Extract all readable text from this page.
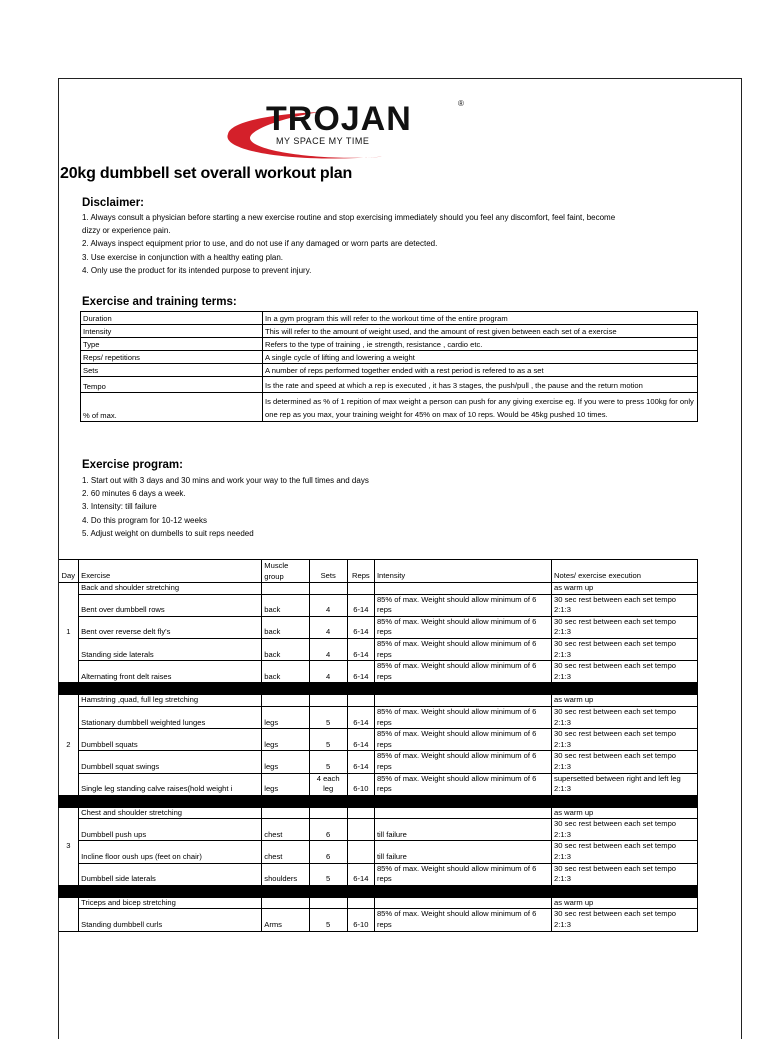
TROJAN	®
MY SPACE MY TIME
20kg dumbbell set overall workout plan
Disclaimer:
1. Always consult a physician before starting a new exercise routine and stop exercising immediately should you feel any discomfort, feel faint, become
dizzy or experience pain.
2. Always inspect equipment prior to use, and do not use if any damaged or worn parts are detected.
3. Use exercise in conjunction with a healthy eating plan.
4. Only use the product for its intended purpose to prevent injury.
Exercise and training terms:
Duration	In a gym program this will refer to the workout time of the entire program
Intensity	This will refer to the amount of weight used, and the amount of rest given between each set of a exercise
Type	Refers to the type of training , ie strength, resistance , cardio etc.
Reps/ repetitions	A single cycle of lifting and lowering a weight
Sets	A number of reps performed together ended with a rest period is refered to as a set
Tempo	Is the rate and speed at which a rep is executed , it has 3 stages, the push/pull , the pause and the return motion
% of max.	Is determined as % of 1 repition of max weight a person can push for any giving exercise eg. If you were to press 100kg for only one rep as you max, your training weight for 45% on max of 10 reps. Would be 45kg pushed 10 times.
Exercise program:
1. Start out with 3 days and 30 mins and work your way to the full times and days
2. 60 minutes 6 days a week.
3. Intensity: till failure
4. Do this program for 10-12 weeks
5. Adjust weight on dumbells to suit reps needed
Day	Exercise	Muscle group	Sets	Reps	Intensity	Notes/ exercise execution
1	Back and shoulder stretching					as warm up
	Bent over dumbbell rows	back	4	6-14	85% of max. Weight should allow minimum of 6 reps	30 sec rest between each set tempo 2:1:3
	Bent over reverse delt fly's	back	4	6-14	85% of max. Weight should allow minimum of 6 reps	30 sec rest between each set tempo 2:1:3
	Standing side laterals	back	4	6-14	85% of max. Weight should allow minimum of 6 reps	30 sec rest between each set tempo 2:1:3
	Alternating front delt raises	back	4	6-14	85% of max. Weight should allow minimum of 6 reps	30 sec rest between each set tempo 2:1:3

2	Hamstring ,quad, full leg stretching					as warm up
	Stationary dumbbell weighted lunges	legs	5	6-14	85% of max. Weight should allow minimum of 6 reps	30 sec rest between each set tempo 2:1:3
	Dumbbell squats	legs	5	6-14	85% of max. Weight should allow minimum of 6 reps	30 sec rest between each set tempo 2:1:3
	Dumbbell squat swings	legs	5	6-14	85% of max. Weight should allow minimum of 6 reps	30 sec rest between each set tempo 2:1:3
	Single leg standing calve raises(hold weight i	legs	4 each leg	6-10	85% of max. Weight should allow minimum of 6 reps	supersetted between right and left leg 2:1:3

3	Chest and shoulder stretching					as warm up
	Dumbbell push ups	chest	6		till failure	30 sec rest between each set tempo 2:1:3
	Incline floor oush ups (feet on chair)	chest	6		till failure	30 sec rest between each set tempo 2:1:3
	Dumbbell side laterals	shoulders	5	6-14	85% of max. Weight should allow minimum of 6 reps	30 sec rest between each set tempo 2:1:3

	Triceps and bicep stretching					as warm up
	Standing dumbbell curls	Arms	5	6-10	85% of max. Weight should allow minimum of 6 reps	30 sec rest between each set tempo 2:1:3
